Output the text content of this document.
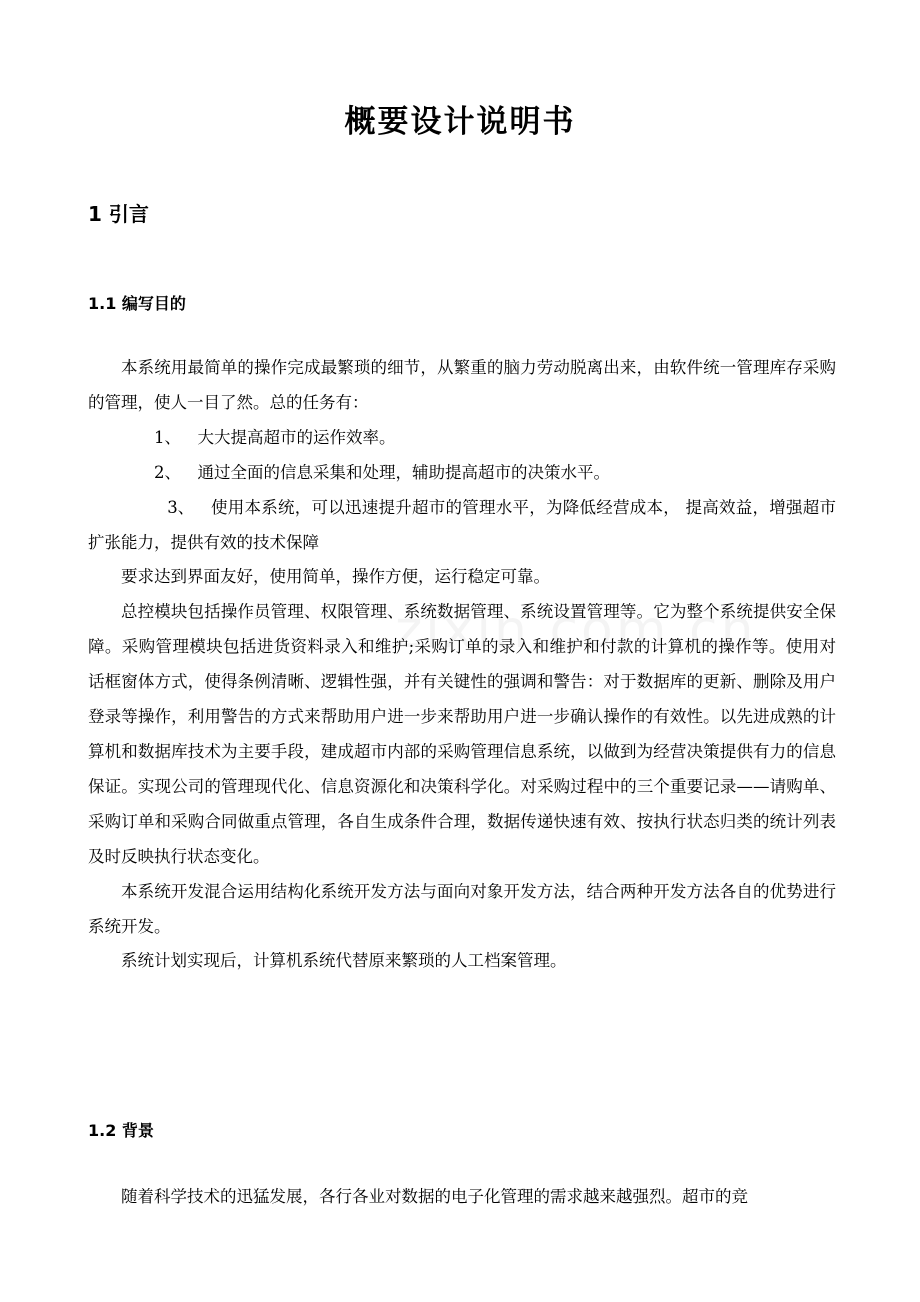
概要设计说明书
1 引言
1.1 编写目的

本系统用最简单的操作完成最繁琐的细节，从繁重的脑力劳动脱离出来，由软件统一管理库存采购的管理，使人一目了然。总的任务有：

1、 大大提高超市的运作效率。

2、 通过全面的信息采集和处理，辅助提高超市的决策水平。

3、 使用本系统，可以迅速提升超市的管理水平，为降低经营成本， 提高效益，增强超市扩张能力，提供有效的技术保障

要求达到界面友好，使用简单，操作方便，运行稳定可靠。

总控模块包括操作员管理、权限管理、系统数据管理、系统设置管理等。它为整个系统提供安全保障。采购管理模块包括进货资料录入和维护;采购订单的录入和维护和付款的计算机的操作等。使用对话框窗体方式，使得条例清晰、逻辑性强，并有关键性的强调和警告：对于数据库的更新、删除及用户登录等操作，利用警告的方式来帮助用户进一步来帮助用户进一步确认操作的有效性。以先进成熟的计算机和数据库技术为主要手段，建成超市内部的采购管理信息系统，以做到为经营决策提供有力的信息保证。实现公司的管理现代化、信息资源化和决策科学化。对采购过程中的三个重要记录——请购单、采购订单和采购合同做重点管理，各自生成条件合理，数据传递快速有效、按执行状态归类的统计列表及时反映执行状态变化。

本系统开发混合运用结构化系统开发方法与面向对象开发方法，结合两种开发方法各自的优势进行系统开发。

系统计划实现后，计算机系统代替原来繁琐的人工档案管理。

1.2 背景

随着科学技术的迅猛发展，各行各业对数据的电子化管理的需求越来越强烈。超市的竞
